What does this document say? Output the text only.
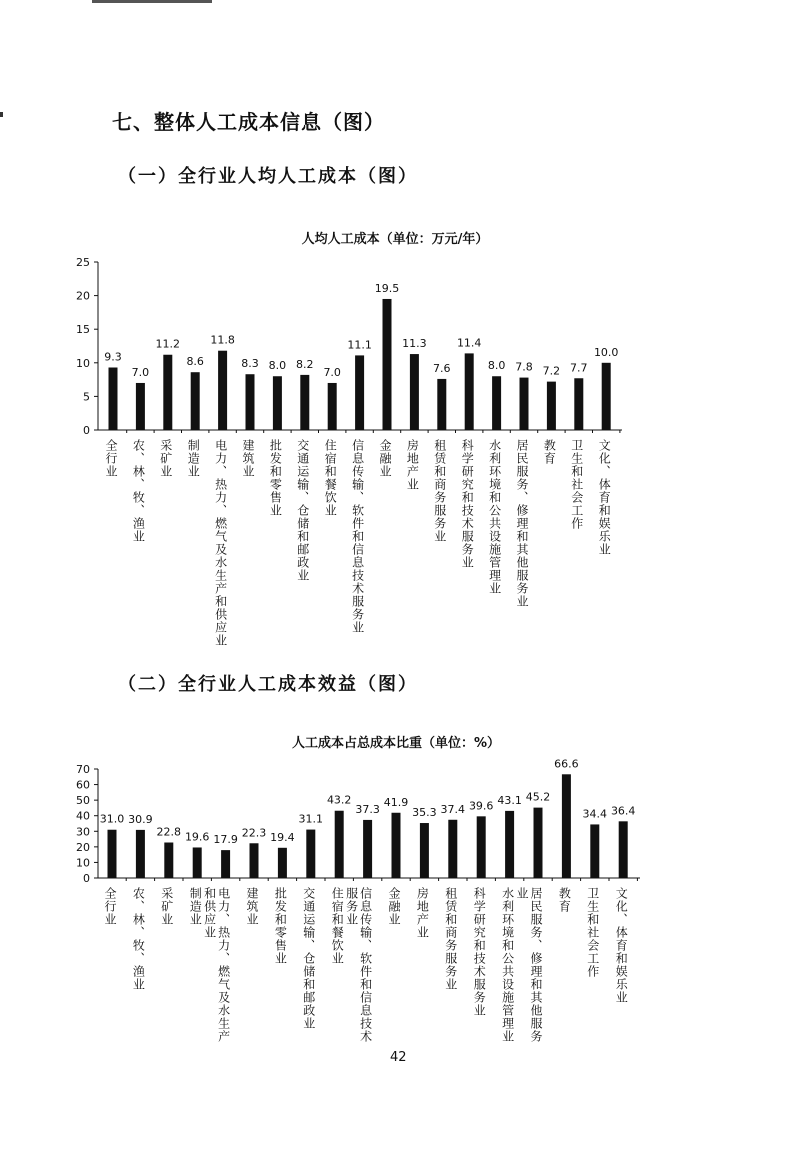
七、整体人工成本信息（图）
（一）全行业人均人工成本（图）
人均人工成本（单位：万元/年）
0
5
10
15
20
25
9.3
全行业
7.0
农、林、牧、渔业
11.2
采矿业
8.6
制造业
11.8
电力、热力、燃气及水生产和供应业
8.3
建筑业
8.0
批发和零售业
8.2
交通运输、仓储和邮政业
7.0
住宿和餐饮业
11.1
信息传输、软件和信息技术服务业
19.5
金融业
11.3
房地产业
7.6
租赁和商务服务业
11.4
科学研究和技术服务业
8.0
水利环境和公共设施管理业
7.8
居民服务、修理和其他服务业
7.2
教育
7.7
卫生和社会工作
10.0
文化、体育和娱乐业
（二）全行业人工成本效益（图）
人工成本占总成本比重（单位：%）
0
10
20
30
40
50
60
70
31.0
全行业
30.9
农、林、牧、渔业
22.8
采矿业
19.6
制造业
17.9
电力、热力、燃气及水生产
和供应业
22.3
建筑业
19.4
批发和零售业
31.1
交通运输、仓储和邮政业
43.2
住宿和餐饮业
37.3
信息传输、软件和信息技术
服务业
41.9
金融业
35.3
房地产业
37.4
租赁和商务服务业
39.6
科学研究和技术服务业
43.1
水利环境和公共设施管理业
45.2
居民服务、修理和其他服务
业
66.6
教育
34.4
卫生和社会工作
36.4
文化、体育和娱乐业
42
